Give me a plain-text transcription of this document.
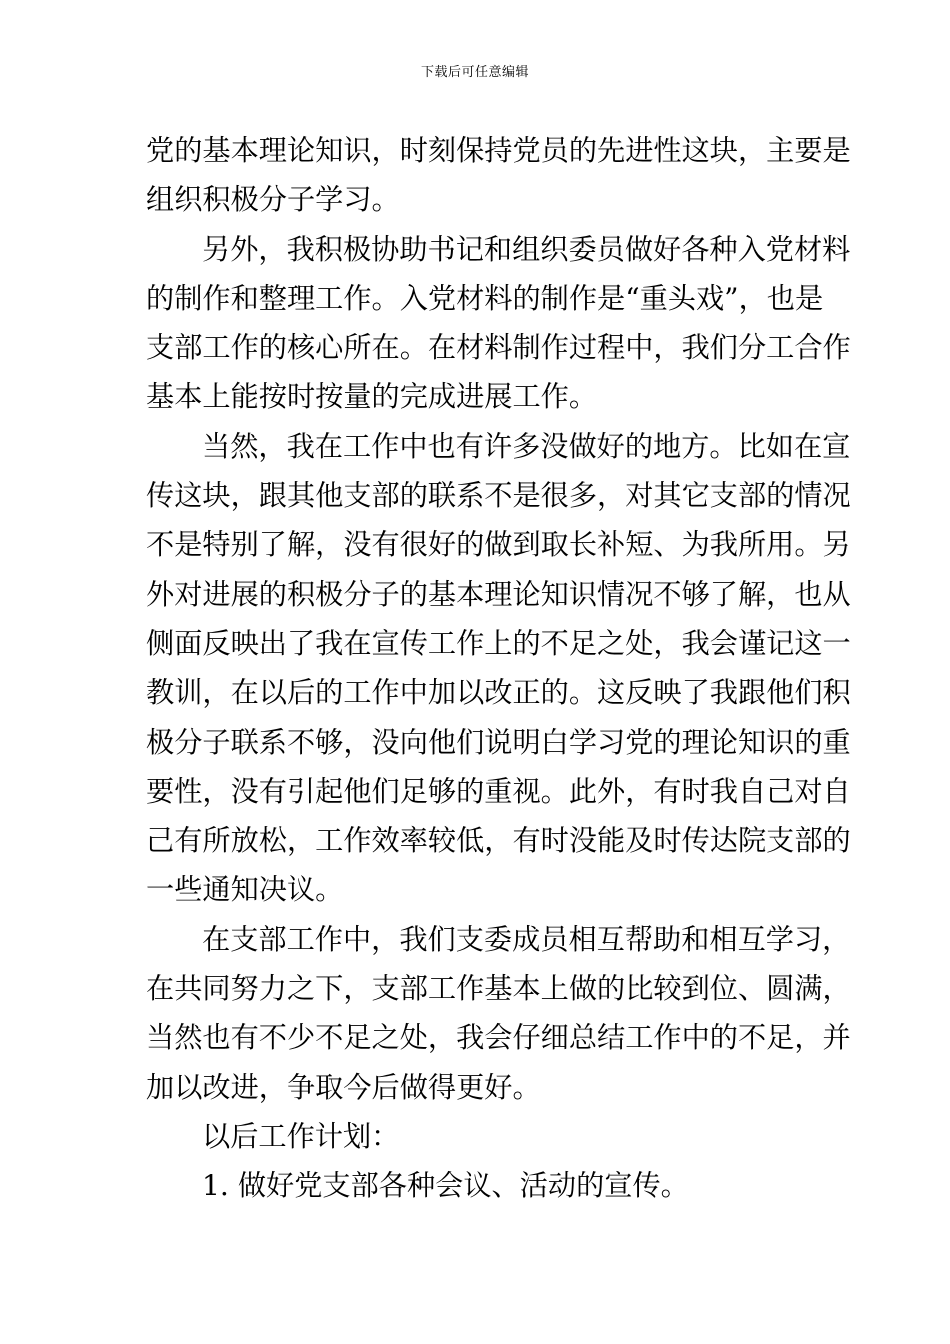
下载后可任意编辑
党的基本理论知识，时刻保持党员的先进性这块，主要是
组织积极分子学习。
另外，我积极协助书记和组织委员做好各种入党材料
的制作和整理工作。入党材料的制作是“重头戏”，也是
支部工作的核心所在。在材料制作过程中，我们分工合作
基本上能按时按量的完成进展工作。
当然，我在工作中也有许多没做好的地方。比如在宣
传这块，跟其他支部的联系不是很多，对其它支部的情况
不是特别了解，没有很好的做到取长补短、为我所用。另
外对进展的积极分子的基本理论知识情况不够了解，也从
侧面反映出了我在宣传工作上的不足之处，我会谨记这一
教训，在以后的工作中加以改正的。这反映了我跟他们积
极分子联系不够，没向他们说明白学习党的理论知识的重
要性，没有引起他们足够的重视。此外，有时我自己对自
己有所放松，工作效率较低，有时没能及时传达院支部的
一些通知决议。
在支部工作中，我们支委成员相互帮助和相互学习，
在共同努力之下，支部工作基本上做的比较到位、圆满，
当然也有不少不足之处，我会仔细总结工作中的不足，并
加以改进，争取今后做得更好。
以后工作计划：
1. 做好党支部各种会议、活动的宣传。
